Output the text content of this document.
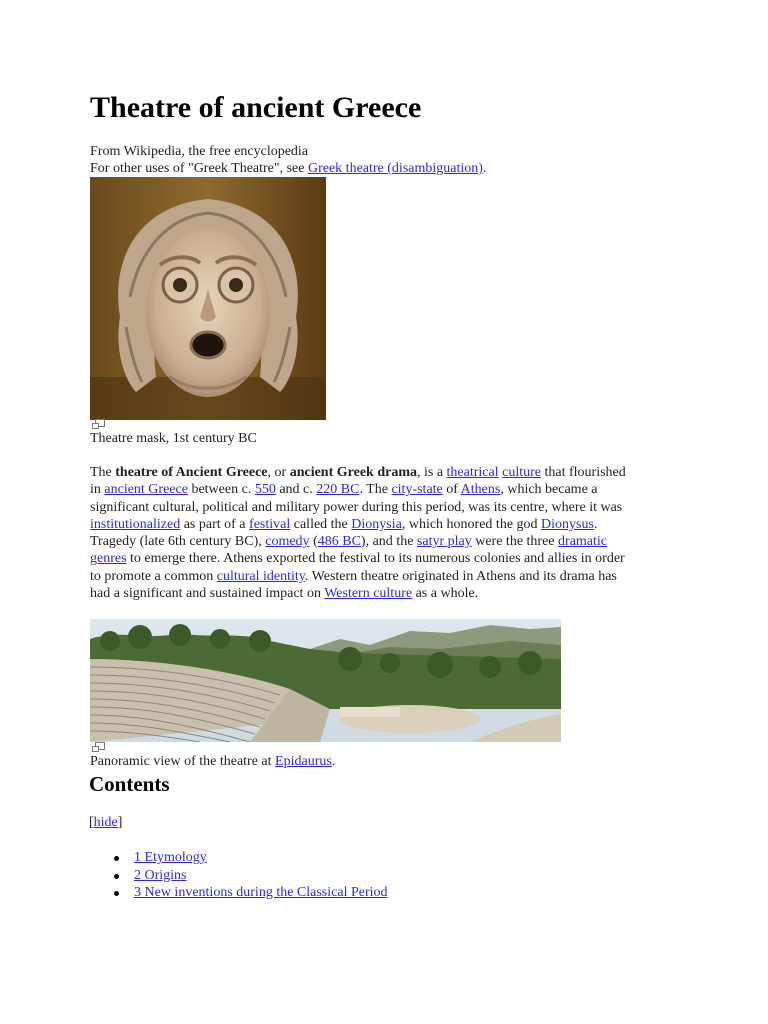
Theatre of ancient Greece
From Wikipedia, the free encyclopedia
For other uses of "Greek Theatre", see Greek theatre (disambiguation).
Theatre mask, 1st century BC
The theatre of Ancient Greece, or ancient Greek drama, is a theatrical culture that flourished
in ancient Greece between c. 550 and c. 220 BC. The city-state of Athens, which became a
significant cultural, political and military power during this period, was its centre, where it was
institutionalized as part of a festival called the Dionysia, which honored the god Dionysus.
Tragedy (late 6th century BC), comedy (486 BC), and the satyr play were the three dramatic
genres to emerge there. Athens exported the festival to its numerous colonies and allies in order
to promote a common cultural identity. Western theatre originated in Athens and its drama has
had a significant and sustained impact on Western culture as a whole.
Panoramic view of the theatre at Epidaurus.
Contents
[hide]
1 Etymology
2 Origins
3 New inventions during the Classical Period
